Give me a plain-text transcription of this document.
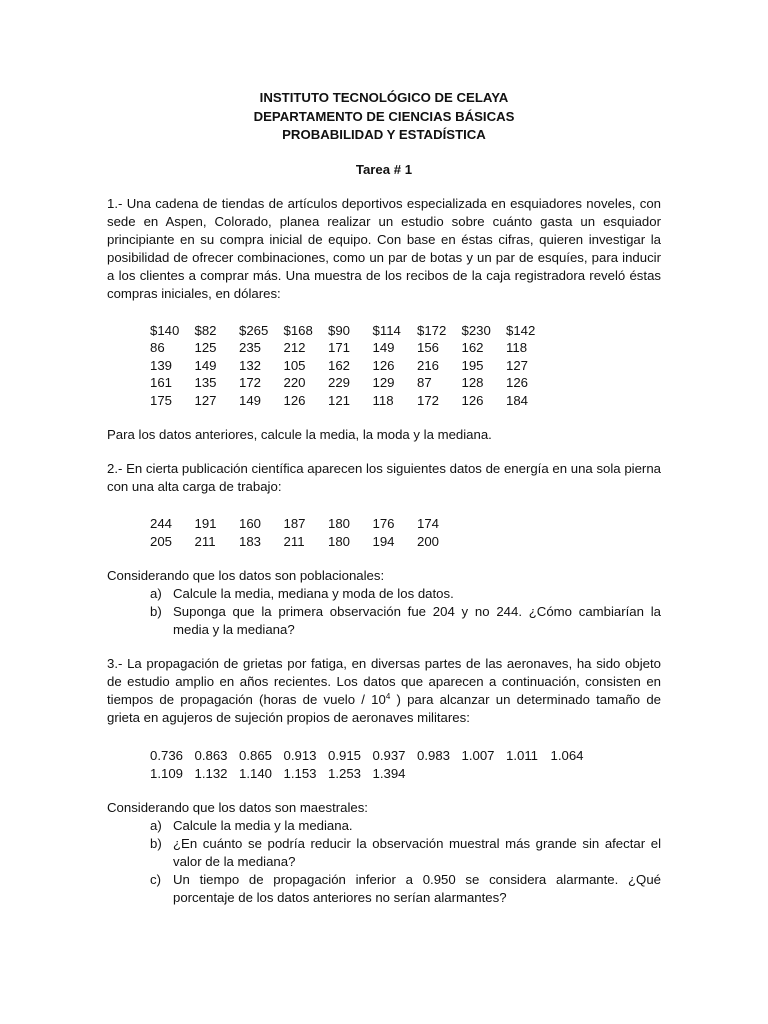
INSTITUTO TECNOLÓGICO DE CELAYA
DEPARTAMENTO DE CIENCIAS BÁSICAS
PROBABILIDAD Y ESTADÍSTICA
Tarea # 1

1.- Una cadena de tiendas de artículos deportivos especializada en esquiadores noveles, con sede en Aspen, Colorado, planea realizar un estudio sobre cuánto gasta un esquiador principiante en su compra inicial de equipo. Con base en éstas cifras, quieren investigar la posibilidad de ofrecer combinaciones, como un par de botas y un par de esquíes, para inducir a los clientes a comprar más. Una muestra de los recibos de la caja registradora reveló éstas compras iniciales, en dólares:

$140	$82	$265	$168	$90	$114	$172	$230	$142
86	125	235	212	171	149	156	162	118
139	149	132	105	162	126	216	195	127
161	135	172	220	229	129	87	128	126
175	127	149	126	121	118	172	126	184

Para los datos anteriores, calcule la media, la moda y la mediana.

2.- En cierta publicación científica aparecen los siguientes datos de energía en una sola pierna con una alta carga de trabajo:

244	191	160	187	180	176	174
205	211	183	211	180	194	200

Considerando que los datos son poblacionales:

a) Calcule la media, mediana y moda de los datos.
b) Suponga que la primera observación fue 204 y no 244. ¿Cómo cambiarían la media y la mediana?

3.- La propagación de grietas por fatiga, en diversas partes de las aeronaves, ha sido objeto de estudio amplio en años recientes. Los datos que aparecen a continuación, consisten en tiempos de propagación (horas de vuelo / $10^4$ ) para alcanzar un determinado tamaño de grieta en agujeros de sujeción propios de aeronaves militares:

0.736	0.863	0.865	0.913	0.915	0.937	0.983	1.007	1.011	1.064
1.109	1.132	1.140	1.153	1.253	1.394				

Considerando que los datos son maestrales:

a) Calcule la media y la mediana.
b) ¿En cuánto se podría reducir la observación muestral más grande sin afectar el valor de la mediana?
c) Un tiempo de propagación inferior a 0.950 se considera alarmante. ¿Qué porcentaje de los datos anteriores no serían alarmantes?
